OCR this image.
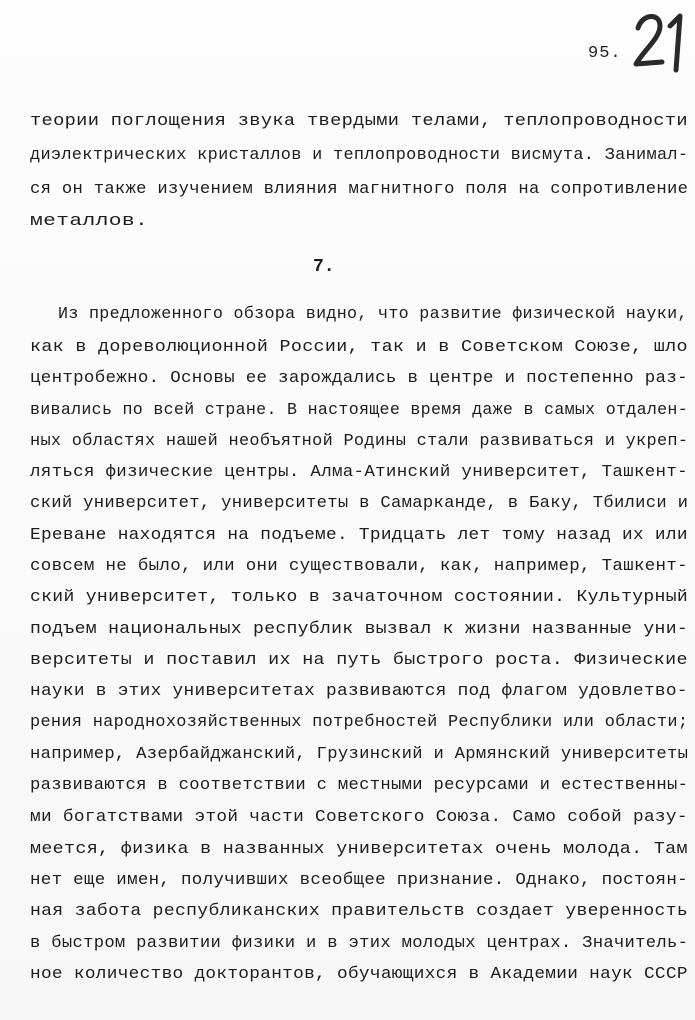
95.
теории поглощения звука твердыми телами, теплопроводности
диэлектрических кристаллов и теплопроводности висмута. Занимал-
ся он также изучением влияния магнитного поля на сопротивление
металлов.
7.
Из предложенного обзора видно, что развитие физической науки,
как в дореволюционной России, так и в Советском Союзе, шло
центробежно. Основы ее зарождались в центре и постепенно раз-
вивались по всей стране. В настоящее время даже в самых отдален-
ных областях нашей необъятной Родины стали развиваться и укреп-
ляться физические центры. Алма-Атинский университет, Ташкент-
ский университет, университеты в Самарканде, в Баку, Тбилиси и
Ереване находятся на подъеме. Тридцать лет тому назад их или
совсем не было, или они существовали, как, например, Ташкент-
ский университет, только в зачаточном состоянии. Культурный
подъем национальных республик вызвал к жизни названные уни-
верситеты и поставил их на путь быстрого роста. Физические
науки в этих университетах развиваются под флагом удовлетво-
рения народнохозяйственных потребностей Республики или области;
например, Азербайджанский, Грузинский и Армянский университеты
развиваются в соответствии с местными ресурсами и естественны-
ми богатствами этой части Советского Союза. Само собой разу-
меется, физика в названных университетах очень молода. Там
нет еще имен, получивших всеобщее признание. Однако, постоян-
ная забота республиканских правительств создает уверенность
в быстром развитии физики и в этих молодых центрах. Значитель-
ное количество докторантов, обучающихся в Академии наук СССР
